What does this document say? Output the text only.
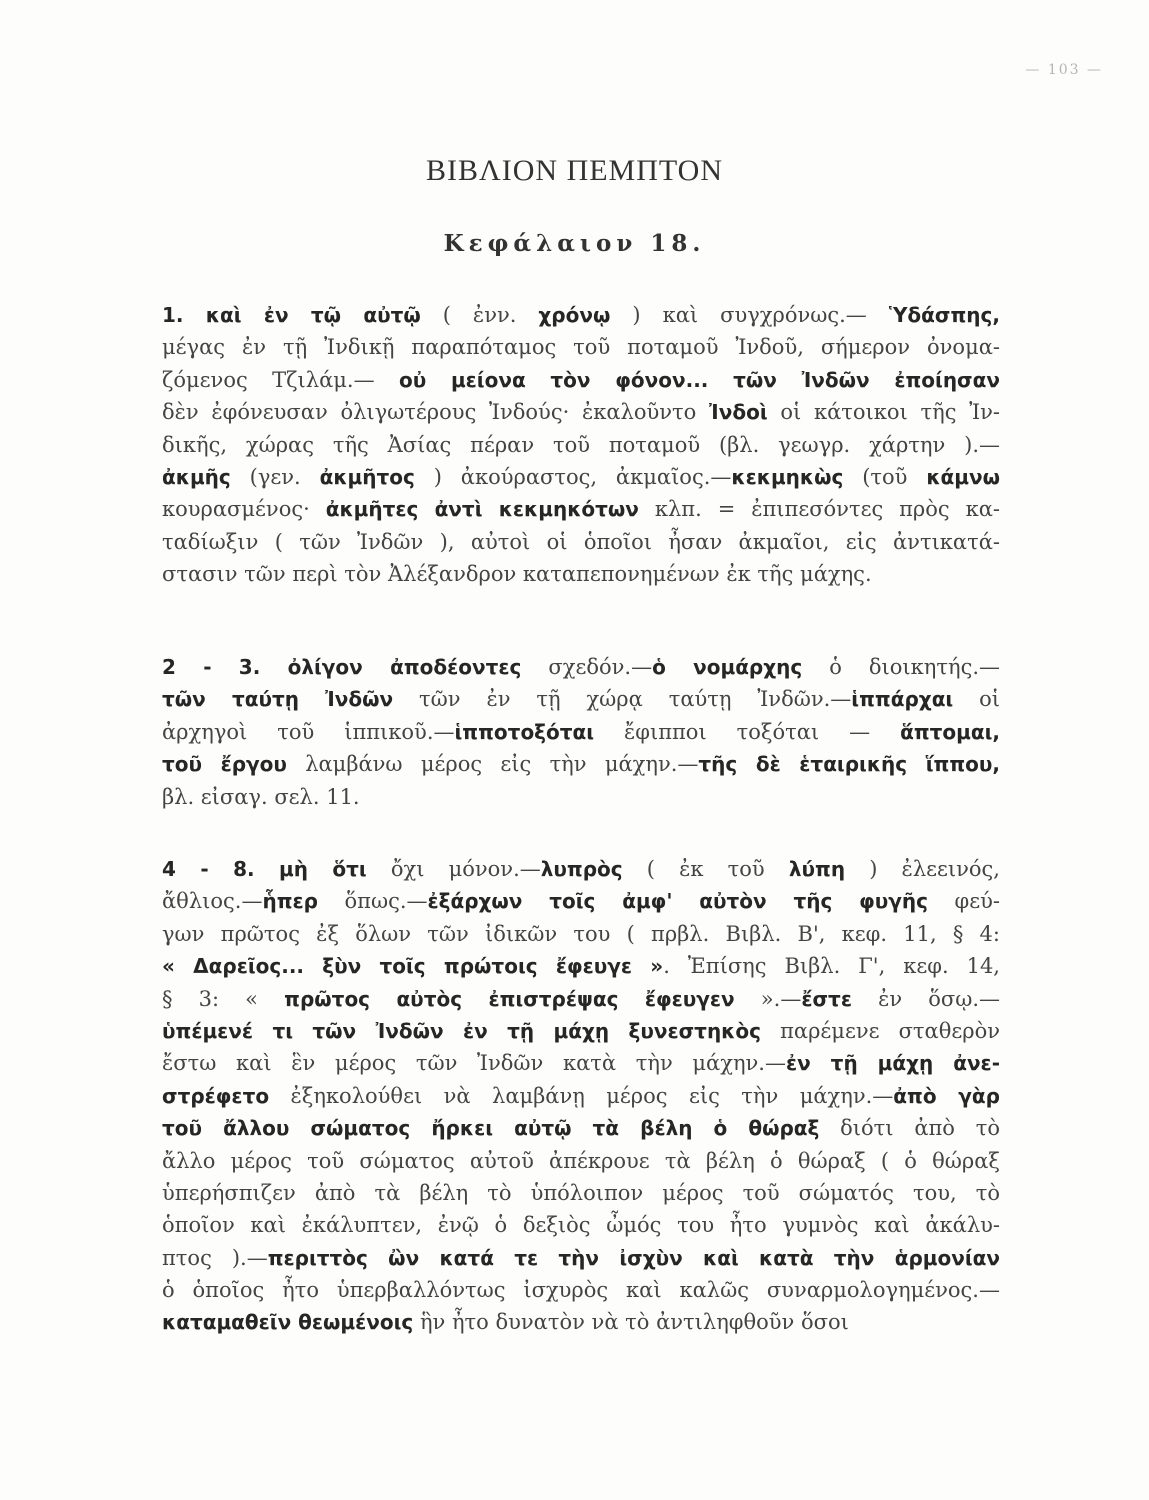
— 103 —
ΒΙΒΛΙΟΝ ΠΕΜΠΤΟΝ
Κεφάλαιον 18.
1. καὶ ἐν τῷ αὐτῷ ( ἐνν. χρόνῳ ) καὶ συγχρόνως.— Ὑδάσπης,
μέγας ἐν τῇ Ἰνδικῇ παραπόταμος τοῦ ποταμοῦ Ἰνδοῦ, σήμερον ὀνομα-
ζόμενος Τζιλάμ.— οὐ μείονα τὸν φόνον... τῶν Ἰνδῶν ἐποίησαν
δὲν ἐφόνευσαν ὀλιγωτέρους Ἰνδούς· ἐκαλοῦντο Ἰνδοὶ οἱ κάτοικοι τῆς Ἰν-
δικῆς, χώρας τῆς Ἀσίας πέραν τοῦ ποταμοῦ (βλ. γεωγρ. χάρτην ).—
ἀκμῆς (γεν. ἀκμῆτος ) ἀκούραστος, ἀκμαῖος.—κεκμηκὼς (τοῦ κάμνω
κουρασμένος· ἀκμῆτες ἀντὶ κεκμηκότων κλπ. = ἐπιπεσόντες πρὸς κα-
ταδίωξιν ( τῶν Ἰνδῶν ), αὐτοὶ οἱ ὁποῖοι ἦσαν ἀκμαῖοι, εἰς ἀντικατά-
στασιν τῶν περὶ τὸν Ἀλέξανδρον καταπεπονημένων ἐκ τῆς μάχης.
2 - 3. ὀλίγον ἀποδέοντες σχεδόν.—ὁ νομάρχης ὁ διοικητής.—
τῶν ταύτῃ Ἰνδῶν τῶν ἐν τῇ χώρᾳ ταύτῃ Ἰνδῶν.—ἱππάρχαι οἱ
ἀρχηγοὶ τοῦ ἱππικοῦ.—ἱπποτοξόται ἔφιπποι τοξόται — ἅπτομαι,
τοῦ ἔργου λαμβάνω μέρος εἰς τὴν μάχην.—τῆς δὲ ἑταιρικῆς ἵππου,
βλ. εἰσαγ. σελ. 11.
4 - 8. μὴ ὅτι ὄχι μόνον.—λυπρὸς ( ἐκ τοῦ λύπη ) ἐλεεινός,
ἄθλιος.—ἧπερ ὅπως.—ἐξάρχων τοῖς ἀμφ' αὐτὸν τῆς φυγῆς φεύ-
γων πρῶτος ἐξ ὅλων τῶν ἰδικῶν του ( πρβλ. Βιβλ. Β', κεφ. 11, § 4:
« Δαρεῖος... ξὺν τοῖς πρώτοις ἔφευγε ». Ἐπίσης Βιβλ. Γ', κεφ. 14,
§ 3: « πρῶτος αὐτὸς ἐπιστρέψας ἔφευγεν ».—ἔστε ἐν ὅσῳ.—
ὑπέμενέ τι τῶν Ἰνδῶν ἐν τῇ μάχῃ ξυνεστηκὸς παρέμενε σταθερὸν
ἔστω καὶ ἓν μέρος τῶν Ἰνδῶν κατὰ τὴν μάχην.—ἐν τῇ μάχῃ ἀνε-
στρέφετο ἐξηκολούθει νὰ λαμβάνῃ μέρος εἰς τὴν μάχην.—ἀπὸ γὰρ
τοῦ ἄλλου σώματος ἤρκει αὐτῷ τὰ βέλη ὁ θώραξ διότι ἀπὸ τὸ
ἄλλο μέρος τοῦ σώματος αὐτοῦ ἀπέκρουε τὰ βέλη ὁ θώραξ ( ὁ θώραξ
ὑπερήσπιζεν ἀπὸ τὰ βέλη τὸ ὑπόλοιπον μέρος τοῦ σώματός του, τὸ
ὁποῖον καὶ ἐκάλυπτεν, ἐνῷ ὁ δεξιὸς ὦμός του ἦτο γυμνὸς καὶ ἀκάλυ-
πτος ).—περιττὸς ὢν κατά τε τὴν ἰσχὺν καὶ κατὰ τὴν ἁρμονίαν
ὁ ὁποῖος ἦτο ὑπερβαλλόντως ἰσχυρὸς καὶ καλῶς συναρμολογημένος.—
καταμαθεῖν θεωμένοις ἣν ἦτο δυνατὸν νὰ τὸ ἀντιληφθοῦν ὅσοι
